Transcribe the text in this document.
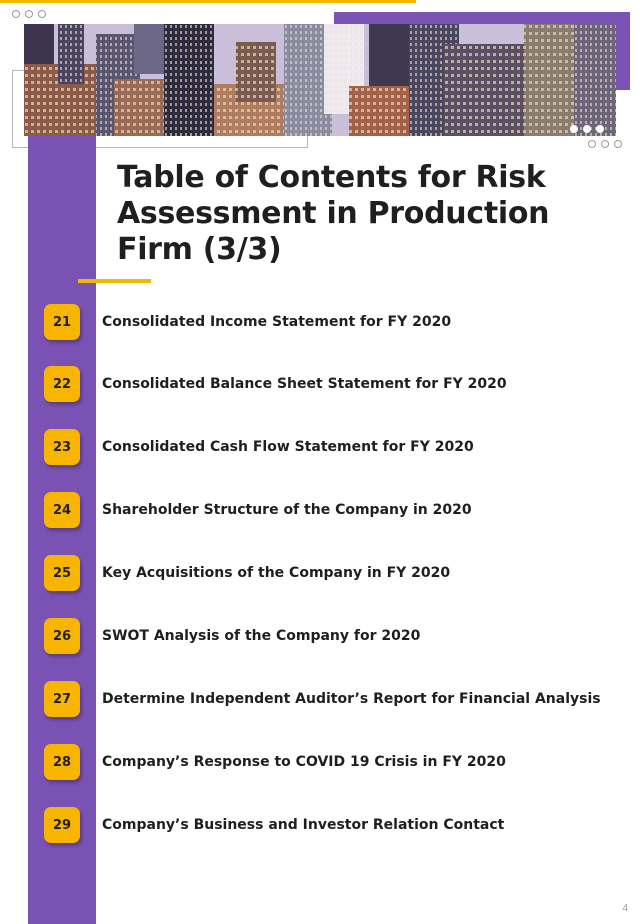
Table of Contents for Risk Assessment in Production Firm (3/3)
21	Consolidated Income Statement for FY 2020
22	Consolidated Balance Sheet Statement for FY 2020
23	Consolidated Cash Flow Statement for FY 2020
24	Shareholder Structure of the Company in 2020
25	Key Acquisitions of the Company in FY 2020
26	SWOT Analysis of the Company for 2020
27	Determine Independent Auditor’s Report for Financial Analysis
28	Company’s Response to COVID 19 Crisis in FY 2020
29	Company’s Business and Investor Relation Contact
4
